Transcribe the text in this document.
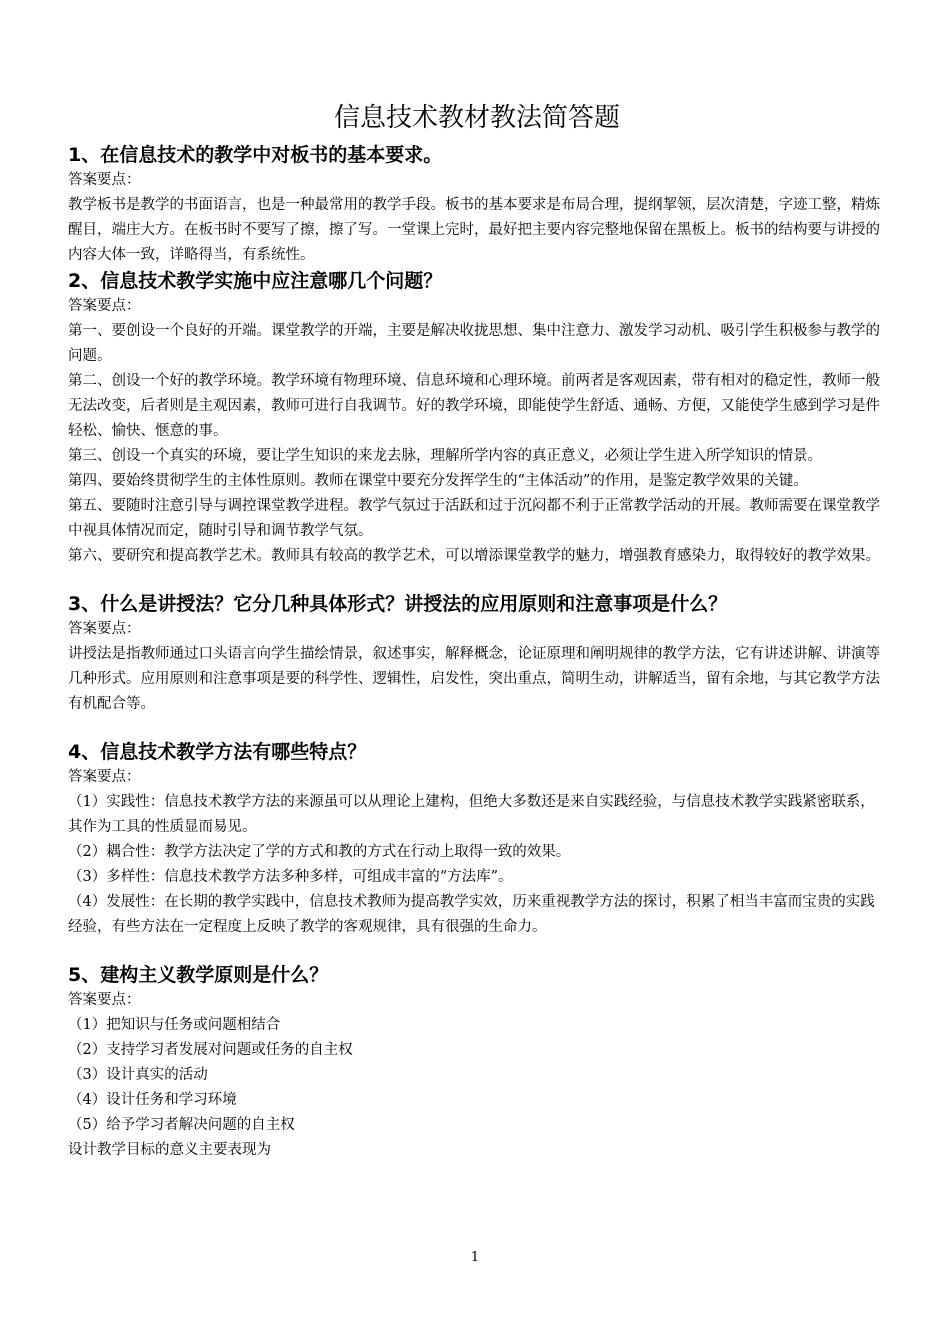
信息技术教材教法简答题
1、在信息技术的教学中对板书的基本要求。

答案要点：

教学板书是教学的书面语言，也是一种最常用的教学手段。板书的基本要求是布局合理，提纲挈领，层次清楚，字迹工整，精炼醒目，端庄大方。在板书时不要写了擦，擦了写。一堂课上完时，最好把主要内容完整地保留在黑板上。板书的结构要与讲授的内容大体一致，详略得当，有系统性。

2、信息技术教学实施中应注意哪几个问题？

答案要点：

第一、要创设一个良好的开端。课堂教学的开端，主要是解决收拢思想、集中注意力、激发学习动机、吸引学生积极参与教学的问题。

第二、创设一个好的教学环境。教学环境有物理环境、信息环境和心理环境。前两者是客观因素，带有相对的稳定性，教师一般无法改变，后者则是主观因素，教师可进行自我调节。好的教学环境，即能使学生舒适、通畅、方便，又能使学生感到学习是件轻松、愉快、惬意的事。

第三、创设一个真实的环境，要让学生知识的来龙去脉，理解所学内容的真正意义，必须让学生进入所学知识的情景。

第四、要始终贯彻学生的主体性原则。教师在课堂中要充分发挥学生的“主体活动”的作用，是鉴定教学效果的关键。

第五、要随时注意引导与调控课堂教学进程。教学气氛过于活跃和过于沉闷都不利于正常教学活动的开展。教师需要在课堂教学中视具体情况而定，随时引导和调节教学气氛。

第六、要研究和提高教学艺术。教师具有较高的教学艺术，可以增添课堂教学的魅力，增强教育感染力，取得较好的教学效果。

3、什么是讲授法？它分几种具体形式？讲授法的应用原则和注意事项是什么？

答案要点：

讲授法是指教师通过口头语言向学生描绘情景，叙述事实，解释概念，论证原理和阐明规律的教学方法，它有讲述讲解、讲演等几种形式。应用原则和注意事项是要的科学性、逻辑性，启发性，突出重点，简明生动，讲解适当，留有余地，与其它教学方法有机配合等。

4、信息技术教学方法有哪些特点？

答案要点：

（1）实践性：信息技术教学方法的来源虽可以从理论上建构，但绝大多数还是来自实践经验，与信息技术教学实践紧密联系，其作为工具的性质显而易见。

（2）耦合性：教学方法决定了学的方式和教的方式在行动上取得一致的效果。

（3）多样性：信息技术教学方法多种多样，可组成丰富的“方法库”。

（4）发展性：在长期的教学实践中，信息技术教师为提高教学实效，历来重视教学方法的探讨，积累了相当丰富而宝贵的实践经验，有些方法在一定程度上反映了教学的客观规律，具有很强的生命力。

5、建构主义教学原则是什么？

答案要点：

（1）把知识与任务或问题相结合

（2）支持学习者发展对问题或任务的自主权

（3）设计真实的活动

（4）设计任务和学习环境

（5）给予学习者解决问题的自主权

设计教学目标的意义主要表现为

1
